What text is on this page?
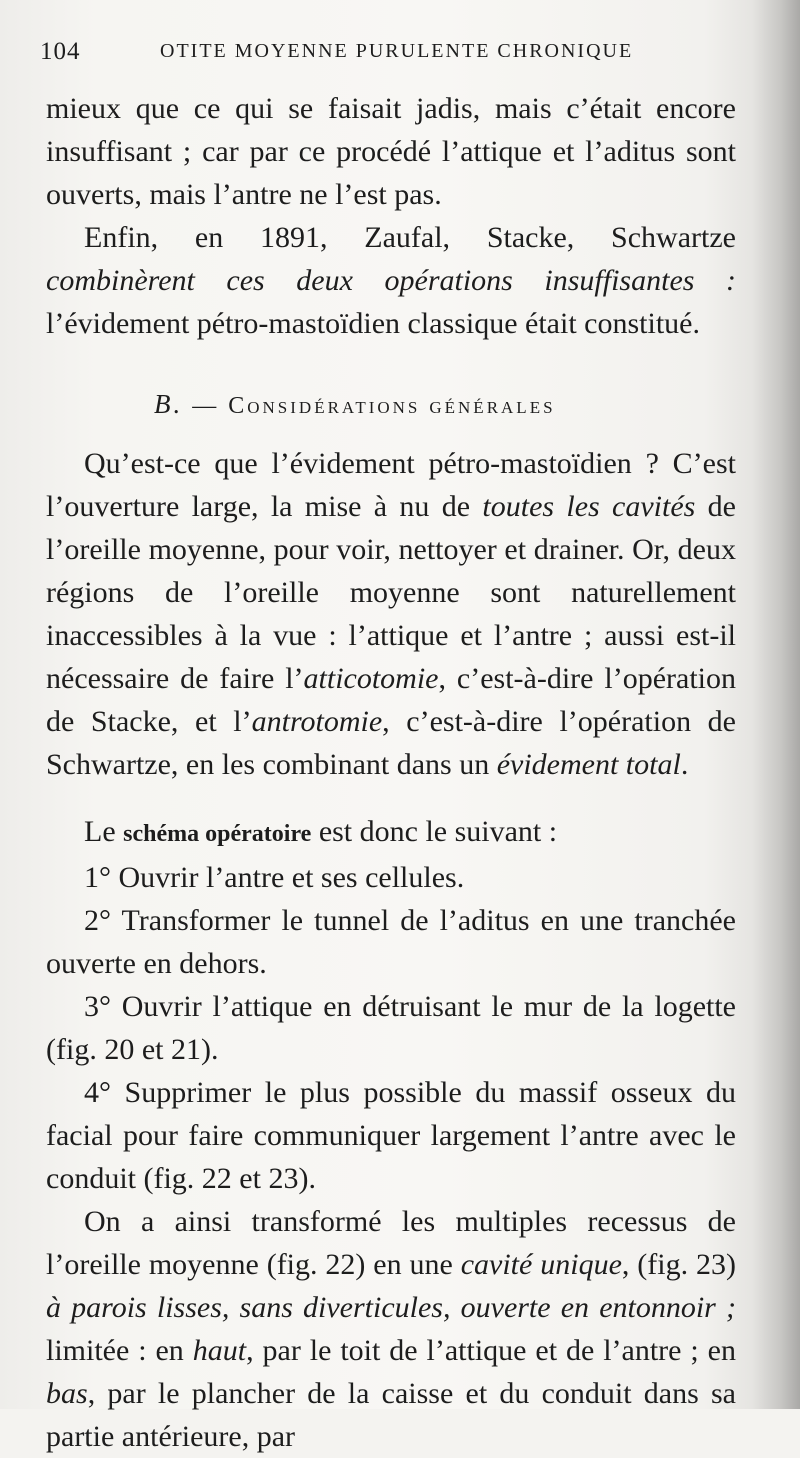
104	OTITE MOYENNE PURULENTE CHRONIQUE

mieux que ce qui se faisait jadis, mais c’était encore insuffisant ; car par ce procédé l’attique et l’aditus sont ouverts, mais l’antre ne l’est pas.

Enfin, en 1891, Zaufal, Stacke, Schwartze combinèrent ces deux opérations insuffisantes : l’évidement pétro-mastoïdien classique était constitué.

B. — Considérations générales

Qu’est-ce que l’évidement pétro-mastoïdien ? C’est l’ouverture large, la mise à nu de toutes les cavités de l’oreille moyenne, pour voir, nettoyer et drainer. Or, deux régions de l’oreille moyenne sont naturellement inaccessibles à la vue : l’attique et l’antre ; aussi est-il nécessaire de faire l’atticotomie, c’est-à-dire l’opération de Stacke, et l’antrotomie, c’est-à-dire l’opération de Schwartze, en les combinant dans un évidement total.

Le schéma opératoire est donc le suivant :

1° Ouvrir l’antre et ses cellules.

2° Transformer le tunnel de l’aditus en une tranchée ouverte en dehors.

3° Ouvrir l’attique en détruisant le mur de la logette (fig. 20 et 21).

4° Supprimer le plus possible du massif osseux du facial pour faire communiquer largement l’antre avec le conduit (fig. 22 et 23).

On a ainsi transformé les multiples recessus de l’oreille moyenne (fig. 22) en une cavité unique, (fig. 23) à parois lisses, sans diverticules, ouverte en entonnoir ; limitée : en haut, par le toit de l’attique et de l’antre ; en bas, par le plancher de la caisse et du conduit dans sa partie antérieure, par
